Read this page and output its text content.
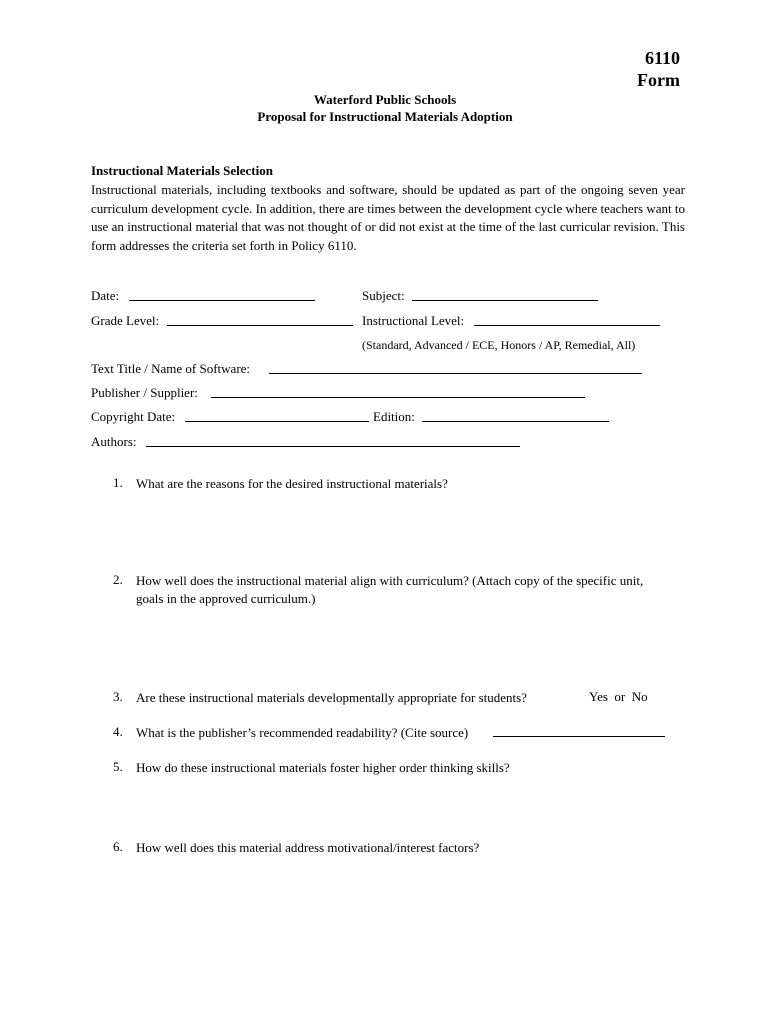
6110
Form
Waterford Public Schools
Proposal for Instructional Materials Adoption
Instructional Materials Selection
Instructional materials, including textbooks and software, should be updated as part of the ongoing seven year curriculum development cycle. In addition, there are times between the development cycle where teachers want to use an instructional material that was not thought of or did not exist at the time of the last curricular revision. This form addresses the criteria set forth in Policy 6110.
Date:	Subject:
Grade Level:	Instructional Level:
(Standard, Advanced / ECE, Honors / AP, Remedial, All)
Text Title / Name of Software:
Publisher / Supplier:
Copyright Date:	Edition:
Authors:
1. What are the reasons for the desired instructional materials?
2. How well does the instructional material align with curriculum? (Attach copy of the specific unit,
goals in the approved curriculum.)
3. Are these instructional materials developmentally appropriate for students?	Yes  or  No
4. What is the publisher’s recommended readability? (Cite source)
5. How do these instructional materials foster higher order thinking skills?
6. How well does this material address motivational/interest factors?
